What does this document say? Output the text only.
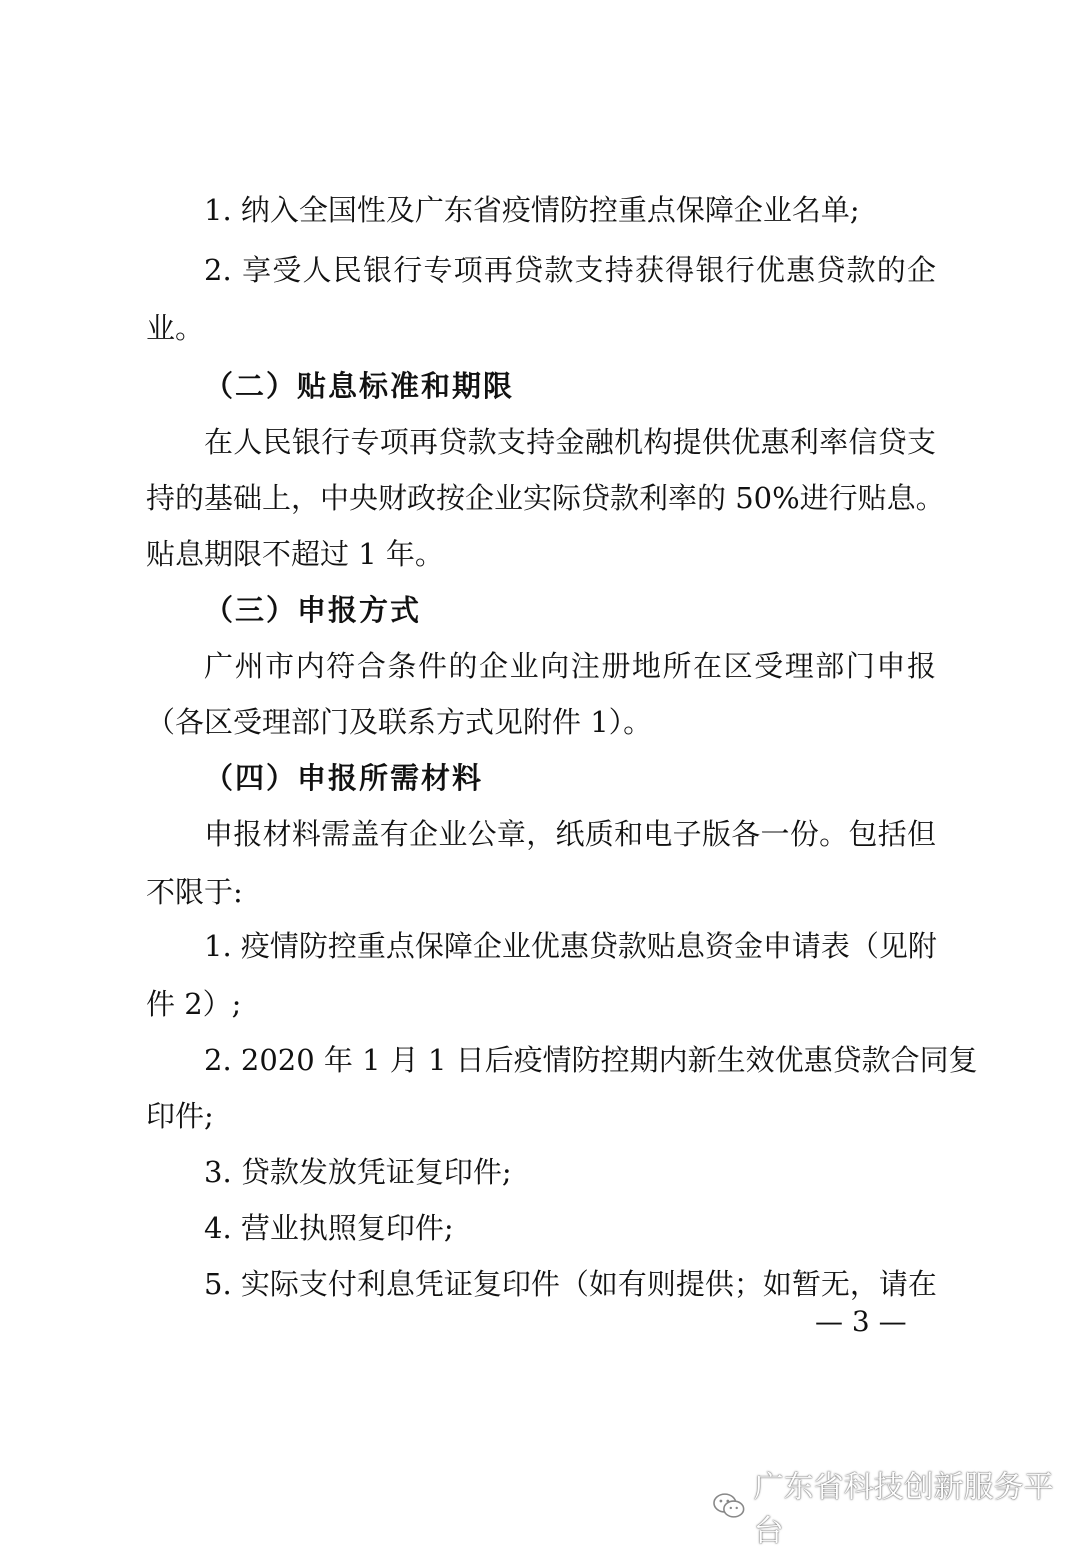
1. 纳入全国性及广东省疫情防控重点保障企业名单;

2. 享受人民银行专项再贷款支持获得银行优惠贷款的企

业。

（二）贴息标准和期限

在人民银行专项再贷款支持金融机构提供优惠利率信贷支

持的基础上，中央财政按企业实际贷款利率的 50%进行贴息。

贴息期限不超过 1 年。

（三）申报方式

广州市内符合条件的企业向注册地所在区受理部门申报

（各区受理部门及联系方式见附件 1）。

（四）申报所需材料

申报材料需盖有企业公章，纸质和电子版各一份。包括但

不限于:

1. 疫情防控重点保障企业优惠贷款贴息资金申请表（见附

件 2）;

2. 2020 年 1 月 1 日后疫情防控期内新生效优惠贷款合同复

印件;

3. 贷款发放凭证复印件;

4. 营业执照复印件;

5. 实际支付利息凭证复印件（如有则提供；如暂无，请在

— 3 —
广东省科技创新服务平台
